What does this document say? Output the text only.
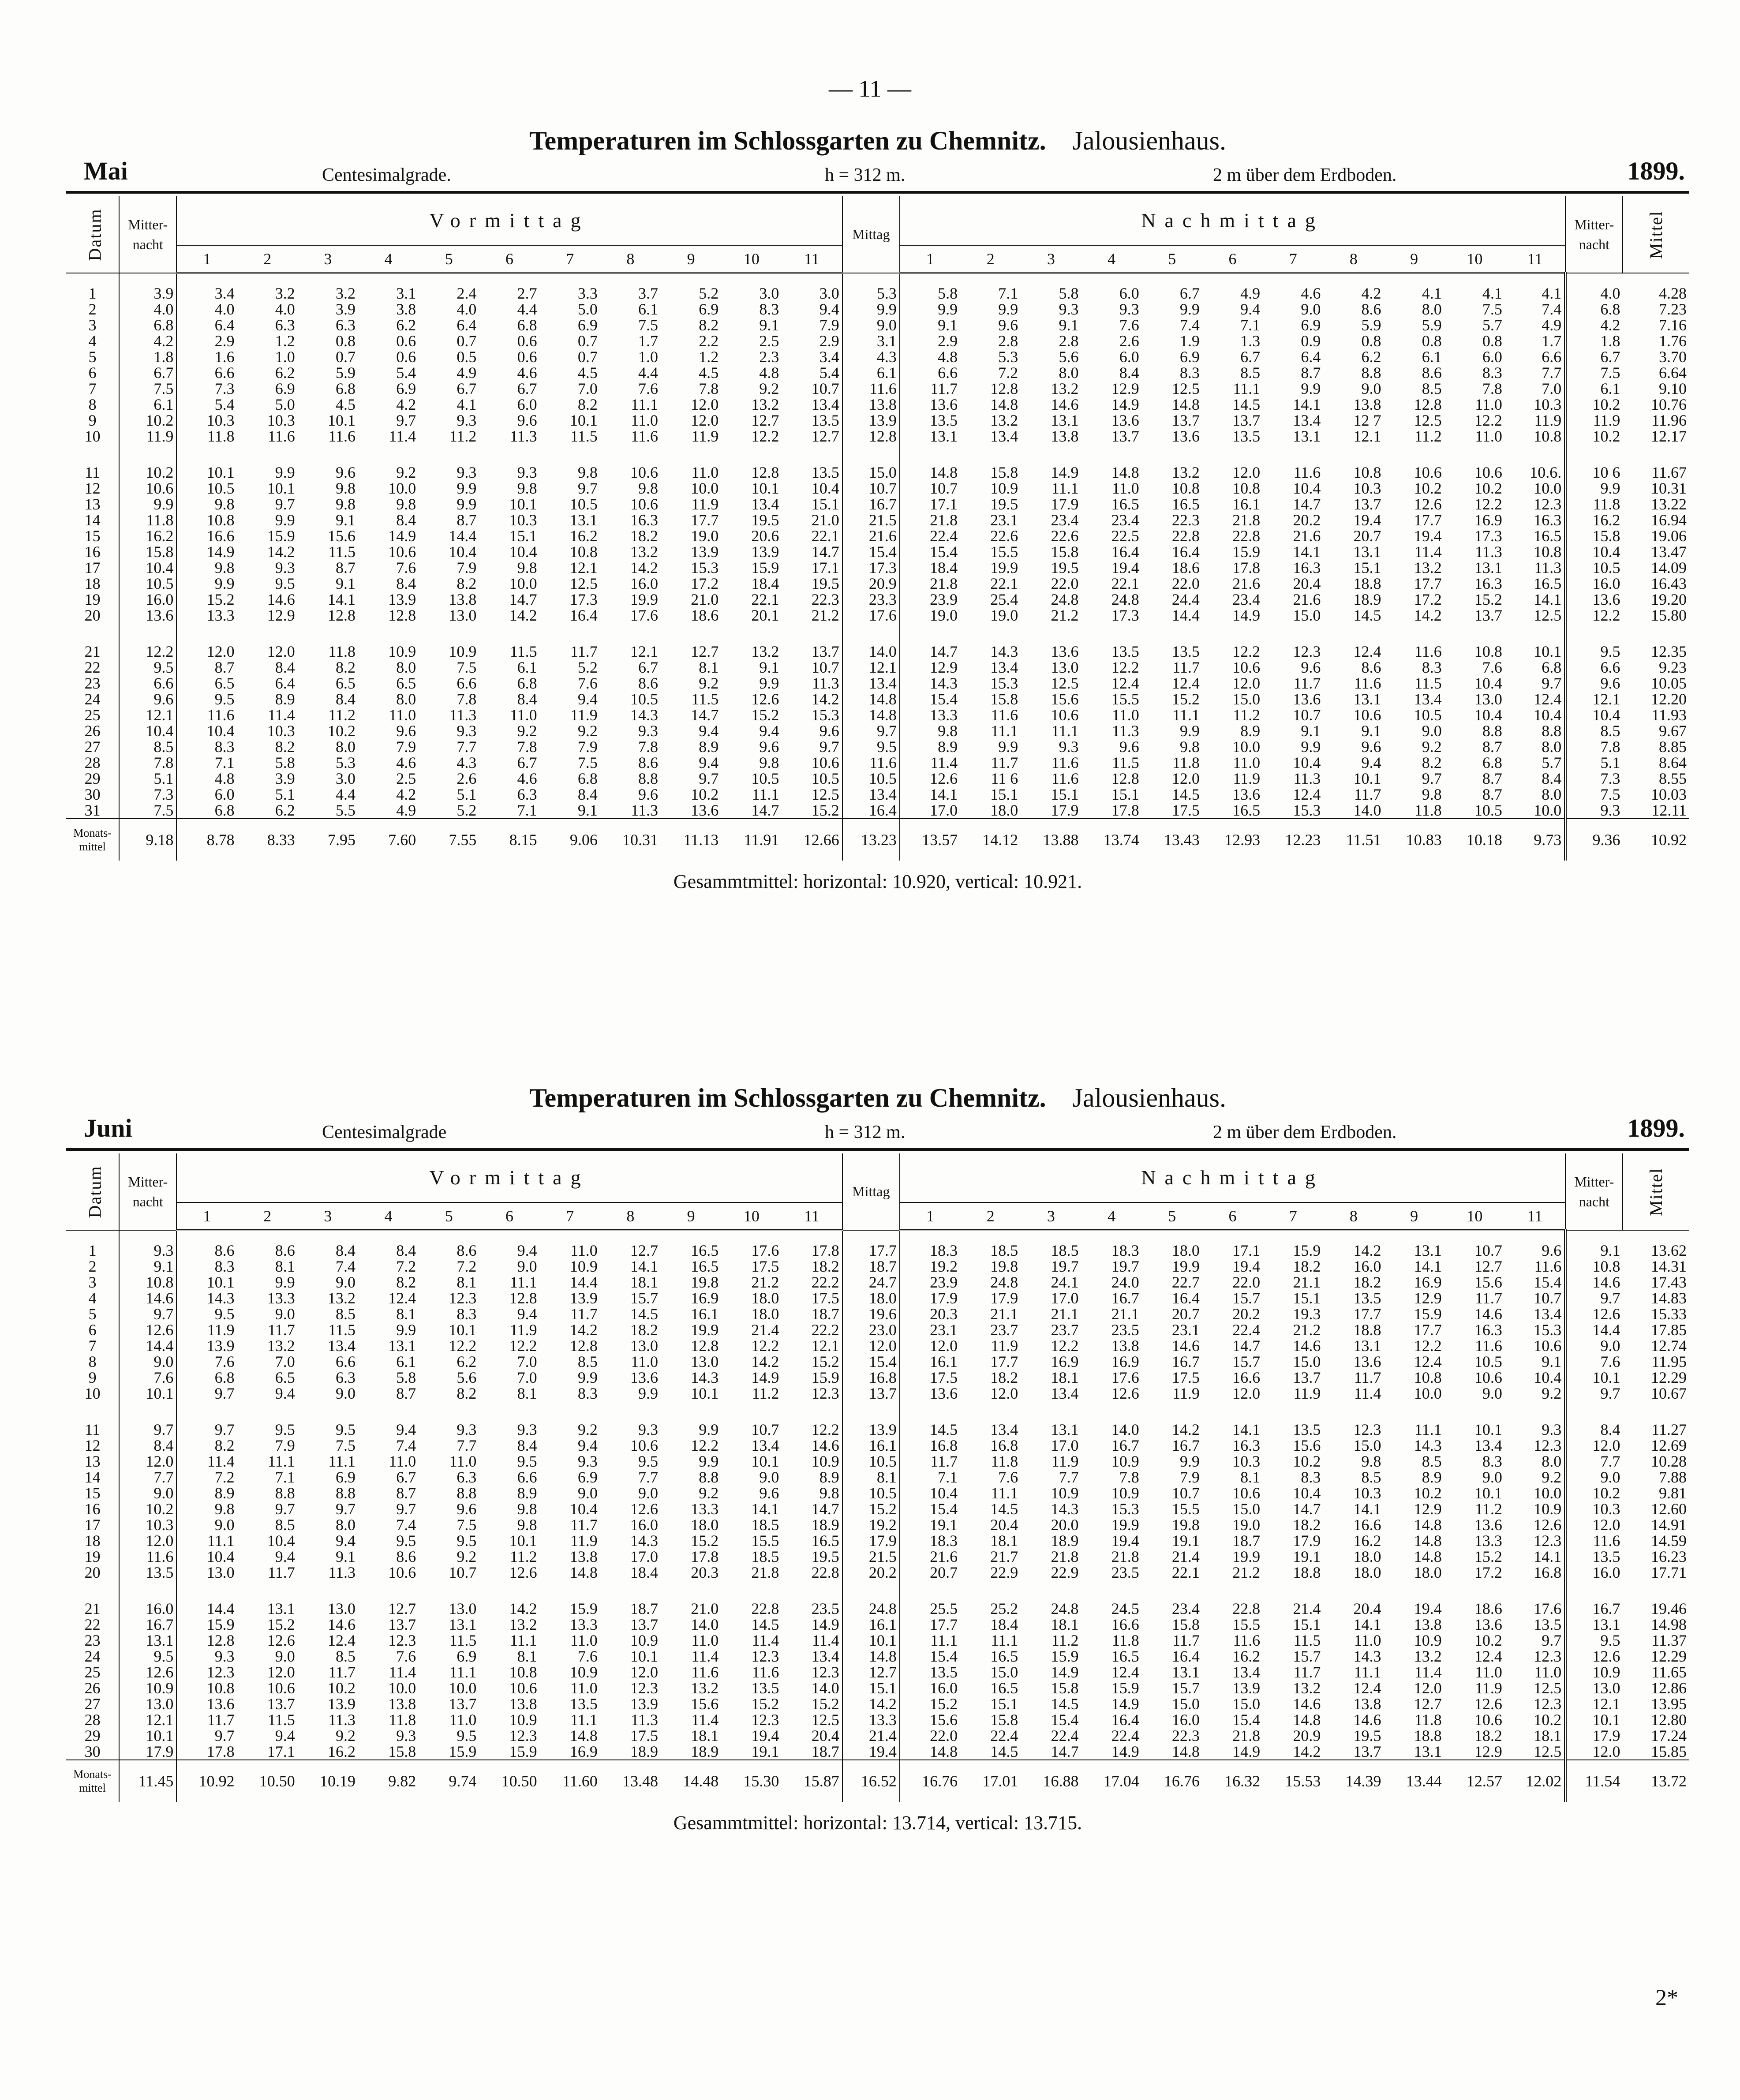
— 11 —
Temperaturen im Schlossgarten zu Chemnitz. Jalousienhaus.
Mai	Centesimalgrade.	h = 312 m.	2 m über dem Erdboden.	1899.
Datum	Mitter-nacht	Vormittag											Mittag	Nachmittag											Mitter-nacht	Mittel
		1	2	3	4	5	6	7	8	9	10	11		1	2	3	4	5	6	7	8	9	10	11		
1	3.9	3.4	3.2	3.2	3.1	2.4	2.7	3.3	3.7	5.2	3.0	3.0	5.3	5.8	7.1	5.8	6.0	6.7	4.9	4.6	4.2	4.1	4.1	4.1	4.0	4.28
2	4.0	4.0	4.0	3.9	3.8	4.0	4.4	5.0	6.1	6.9	8.3	9.4	9.9	9.9	9.9	9.3	9.3	9.9	9.4	9.0	8.6	8.0	7.5	7.4	6.8	7.23
3	6.8	6.4	6.3	6.3	6.2	6.4	6.8	6.9	7.5	8.2	9.1	7.9	9.0	9.1	9.6	9.1	7.6	7.4	7.1	6.9	5.9	5.9	5.7	4.9	4.2	7.16
4	4.2	2.9	1.2	0.8	0.6	0.7	0.6	0.7	1.7	2.2	2.5	2.9	3.1	2.9	2.8	2.8	2.6	1.9	1.3	0.9	0.8	0.8	0.8	1.7	1.8	1.76
5	1.8	1.6	1.0	0.7	0.6	0.5	0.6	0.7	1.0	1.2	2.3	3.4	4.3	4.8	5.3	5.6	6.0	6.9	6.7	6.4	6.2	6.1	6.0	6.6	6.7	3.70
6	6.7	6.6	6.2	5.9	5.4	4.9	4.6	4.5	4.4	4.5	4.8	5.4	6.1	6.6	7.2	8.0	8.4	8.3	8.5	8.7	8.8	8.6	8.3	7.7	7.5	6.64
7	7.5	7.3	6.9	6.8	6.9	6.7	6.7	7.0	7.6	7.8	9.2	10.7	11.6	11.7	12.8	13.2	12.9	12.5	11.1	9.9	9.0	8.5	7.8	7.0	6.1	9.10
8	6.1	5.4	5.0	4.5	4.2	4.1	6.0	8.2	11.1	12.0	13.2	13.4	13.8	13.6	14.8	14.6	14.9	14.8	14.5	14.1	13.8	12.8	11.0	10.3	10.2	10.76
9	10.2	10.3	10.3	10.1	9.7	9.3	9.6	10.1	11.0	12.0	12.7	13.5	13.9	13.5	13.2	13.1	13.6	13.7	13.7	13.4	12 7	12.5	12.2	11.9	11.9	11.96
10	11.9	11.8	11.6	11.6	11.4	11.2	11.3	11.5	11.6	11.9	12.2	12.7	12.8	13.1	13.4	13.8	13.7	13.6	13.5	13.1	12.1	11.2	11.0	10.8	10.2	12.17
11	10.2	10.1	9.9	9.6	9.2	9.3	9.3	9.8	10.6	11.0	12.8	13.5	15.0	14.8	15.8	14.9	14.8	13.2	12.0	11.6	10.8	10.6	10.6	10.6.	10 6	11.67
12	10.6	10.5	10.1	9.8	10.0	9.9	9.8	9.7	9.8	10.0	10.1	10.4	10.7	10.7	10.9	11.1	11.0	10.8	10.8	10.4	10.3	10.2	10.2	10.0	9.9	10.31
13	9.9	9.8	9.7	9.8	9.8	9.9	10.1	10.5	10.6	11.9	13.4	15.1	16.7	17.1	19.5	17.9	16.5	16.5	16.1	14.7	13.7	12.6	12.2	12.3	11.8	13.22
14	11.8	10.8	9.9	9.1	8.4	8.7	10.3	13.1	16.3	17.7	19.5	21.0	21.5	21.8	23.1	23.4	23.4	22.3	21.8	20.2	19.4	17.7	16.9	16.3	16.2	16.94
15	16.2	16.6	15.9	15.6	14.9	14.4	15.1	16.2	18.2	19.0	20.6	22.1	21.6	22.4	22.6	22.6	22.5	22.8	22.8	21.6	20.7	19.4	17.3	16.5	15.8	19.06
16	15.8	14.9	14.2	11.5	10.6	10.4	10.4	10.8	13.2	13.9	13.9	14.7	15.4	15.4	15.5	15.8	16.4	16.4	15.9	14.1	13.1	11.4	11.3	10.8	10.4	13.47
17	10.4	9.8	9.3	8.7	7.6	7.9	9.8	12.1	14.2	15.3	15.9	17.1	17.3	18.4	19.9	19.5	19.4	18.6	17.8	16.3	15.1	13.2	13.1	11.3	10.5	14.09
18	10.5	9.9	9.5	9.1	8.4	8.2	10.0	12.5	16.0	17.2	18.4	19.5	20.9	21.8	22.1	22.0	22.1	22.0	21.6	20.4	18.8	17.7	16.3	16.5	16.0	16.43
19	16.0	15.2	14.6	14.1	13.9	13.8	14.7	17.3	19.9	21.0	22.1	22.3	23.3	23.9	25.4	24.8	24.8	24.4	23.4	21.6	18.9	17.2	15.2	14.1	13.6	19.20
20	13.6	13.3	12.9	12.8	12.8	13.0	14.2	16.4	17.6	18.6	20.1	21.2	17.6	19.0	19.0	21.2	17.3	14.4	14.9	15.0	14.5	14.2	13.7	12.5	12.2	15.80
21	12.2	12.0	12.0	11.8	10.9	10.9	11.5	11.7	12.1	12.7	13.2	13.7	14.0	14.7	14.3	13.6	13.5	13.5	12.2	12.3	12.4	11.6	10.8	10.1	9.5	12.35
22	9.5	8.7	8.4	8.2	8.0	7.5	6.1	5.2	6.7	8.1	9.1	10.7	12.1	12.9	13.4	13.0	12.2	11.7	10.6	9.6	8.6	8.3	7.6	6.8	6.6	9.23
23	6.6	6.5	6.4	6.5	6.5	6.6	6.8	7.6	8.6	9.2	9.9	11.3	13.4	14.3	15.3	12.5	12.4	12.4	12.0	11.7	11.6	11.5	10.4	9.7	9.6	10.05
24	9.6	9.5	8.9	8.4	8.0	7.8	8.4	9.4	10.5	11.5	12.6	14.2	14.8	15.4	15.8	15.6	15.5	15.2	15.0	13.6	13.1	13.4	13.0	12.4	12.1	12.20
25	12.1	11.6	11.4	11.2	11.0	11.3	11.0	11.9	14.3	14.7	15.2	15.3	14.8	13.3	11.6	10.6	11.0	11.1	11.2	10.7	10.6	10.5	10.4	10.4	10.4	11.93
26	10.4	10.4	10.3	10.2	9.6	9.3	9.2	9.2	9.3	9.4	9.4	9.6	9.7	9.8	11.1	11.1	11.3	9.9	8.9	9.1	9.1	9.0	8.8	8.8	8.5	9.67
27	8.5	8.3	8.2	8.0	7.9	7.7	7.8	7.9	7.8	8.9	9.6	9.7	9.5	8.9	9.9	9.3	9.6	9.8	10.0	9.9	9.6	9.2	8.7	8.0	7.8	8.85
28	7.8	7.1	5.8	5.3	4.6	4.3	6.7	7.5	8.6	9.4	9.8	10.6	11.6	11.4	11.7	11.6	11.5	11.8	11.0	10.4	9.4	8.2	6.8	5.7	5.1	8.64
29	5.1	4.8	3.9	3.0	2.5	2.6	4.6	6.8	8.8	9.7	10.5	10.5	10.5	12.6	11 6	11.6	12.8	12.0	11.9	11.3	10.1	9.7	8.7	8.4	7.3	8.55
30	7.3	6.0	5.1	4.4	4.2	5.1	6.3	8.4	9.6	10.2	11.1	12.5	13.4	14.1	15.1	15.1	15.1	14.5	13.6	12.4	11.7	9.8	8.7	8.0	7.5	10.03
31	7.5	6.8	6.2	5.5	4.9	5.2	7.1	9.1	11.3	13.6	14.7	15.2	16.4	17.0	18.0	17.9	17.8	17.5	16.5	15.3	14.0	11.8	10.5	10.0	9.3	12.11
Monats-mittel	9.18	8.78	8.33	7.95	7.60	7.55	8.15	9.06	10.31	11.13	11.91	12.66	13.23	13.57	14.12	13.88	13.74	13.43	12.93	12.23	11.51	10.83	10.18	9.73	9.36	10.92
Gesammtmittel: horizontal: 10.920, vertical: 10.921.
Temperaturen im Schlossgarten zu Chemnitz. Jalousienhaus.
Juni	Centesimalgrade	h = 312 m.	2 m über dem Erdboden.	1899.
Datum	Mitter-nacht	Vormittag											Mittag	Nachmittag											Mitter-nacht	Mittel
		1	2	3	4	5	6	7	8	9	10	11		1	2	3	4	5	6	7	8	9	10	11		
1	9.3	8.6	8.6	8.4	8.4	8.6	9.4	11.0	12.7	16.5	17.6	17.8	17.7	18.3	18.5	18.5	18.3	18.0	17.1	15.9	14.2	13.1	10.7	9.6	9.1	13.62
2	9.1	8.3	8.1	7.4	7.2	7.2	9.0	10.9	14.1	16.5	17.5	18.2	18.7	19.2	19.8	19.7	19.7	19.9	19.4	18.2	16.0	14.1	12.7	11.6	10.8	14.31
3	10.8	10.1	9.9	9.0	8.2	8.1	11.1	14.4	18.1	19.8	21.2	22.2	24.7	23.9	24.8	24.1	24.0	22.7	22.0	21.1	18.2	16.9	15.6	15.4	14.6	17.43
4	14.6	14.3	13.3	13.2	12.4	12.3	12.8	13.9	15.7	16.9	18.0	17.5	18.0	17.9	17.9	17.0	16.7	16.4	15.7	15.1	13.5	12.9	11.7	10.7	9.7	14.83
5	9.7	9.5	9.0	8.5	8.1	8.3	9.4	11.7	14.5	16.1	18.0	18.7	19.6	20.3	21.1	21.1	21.1	20.7	20.2	19.3	17.7	15.9	14.6	13.4	12.6	15.33
6	12.6	11.9	11.7	11.5	9.9	10.1	11.9	14.2	18.2	19.9	21.4	22.2	23.0	23.1	23.7	23.7	23.5	23.1	22.4	21.2	18.8	17.7	16.3	15.3	14.4	17.85
7	14.4	13.9	13.2	13.4	13.1	12.2	12.2	12.8	13.0	12.8	12.2	12.1	12.0	12.0	11.9	12.2	13.8	14.6	14.7	14.6	13.1	12.2	11.6	10.6	9.0	12.74
8	9.0	7.6	7.0	6.6	6.1	6.2	7.0	8.5	11.0	13.0	14.2	15.2	15.4	16.1	17.7	16.9	16.9	16.7	15.7	15.0	13.6	12.4	10.5	9.1	7.6	11.95
9	7.6	6.8	6.5	6.3	5.8	5.6	7.0	9.9	13.6	14.3	14.9	15.9	16.8	17.5	18.2	18.1	17.6	17.5	16.6	13.7	11.7	10.8	10.6	10.4	10.1	12.29
10	10.1	9.7	9.4	9.0	8.7	8.2	8.1	8.3	9.9	10.1	11.2	12.3	13.7	13.6	12.0	13.4	12.6	11.9	12.0	11.9	11.4	10.0	9.0	9.2	9.7	10.67
11	9.7	9.7	9.5	9.5	9.4	9.3	9.3	9.2	9.3	9.9	10.7	12.2	13.9	14.5	13.4	13.1	14.0	14.2	14.1	13.5	12.3	11.1	10.1	9.3	8.4	11.27
12	8.4	8.2	7.9	7.5	7.4	7.7	8.4	9.4	10.6	12.2	13.4	14.6	16.1	16.8	16.8	17.0	16.7	16.7	16.3	15.6	15.0	14.3	13.4	12.3	12.0	12.69
13	12.0	11.4	11.1	11.1	11.0	11.0	9.5	9.3	9.5	9.9	10.1	10.9	10.5	11.7	11.8	11.9	10.9	9.9	10.3	10.2	9.8	8.5	8.3	8.0	7.7	10.28
14	7.7	7.2	7.1	6.9	6.7	6.3	6.6	6.9	7.7	8.8	9.0	8.9	8.1	7.1	7.6	7.7	7.8	7.9	8.1	8.3	8.5	8.9	9.0	9.2	9.0	7.88
15	9.0	8.9	8.8	8.8	8.7	8.8	8.9	9.0	9.0	9.2	9.6	9.8	10.5	10.4	11.1	10.9	10.9	10.7	10.6	10.4	10.3	10.2	10.1	10.0	10.2	9.81
16	10.2	9.8	9.7	9.7	9.7	9.6	9.8	10.4	12.6	13.3	14.1	14.7	15.2	15.4	14.5	14.3	15.3	15.5	15.0	14.7	14.1	12.9	11.2	10.9	10.3	12.60
17	10.3	9.0	8.5	8.0	7.4	7.5	9.8	11.7	16.0	18.0	18.5	18.9	19.2	19.1	20.4	20.0	19.9	19.8	19.0	18.2	16.6	14.8	13.6	12.6	12.0	14.91
18	12.0	11.1	10.4	9.4	9.5	9.5	10.1	11.9	14.3	15.2	15.5	16.5	17.9	18.3	18.1	18.9	19.4	19.1	18.7	17.9	16.2	14.8	13.3	12.3	11.6	14.59
19	11.6	10.4	9.4	9.1	8.6	9.2	11.2	13.8	17.0	17.8	18.5	19.5	21.5	21.6	21.7	21.8	21.8	21.4	19.9	19.1	18.0	14.8	15.2	14.1	13.5	16.23
20	13.5	13.0	11.7	11.3	10.6	10.7	12.6	14.8	18.4	20.3	21.8	22.8	20.2	20.7	22.9	22.9	23.5	22.1	21.2	18.8	18.0	18.0	17.2	16.8	16.0	17.71
21	16.0	14.4	13.1	13.0	12.7	13.0	14.2	15.9	18.7	21.0	22.8	23.5	24.8	25.5	25.2	24.8	24.5	23.4	22.8	21.4	20.4	19.4	18.6	17.6	16.7	19.46
22	16.7	15.9	15.2	14.6	13.7	13.1	13.2	13.3	13.7	14.0	14.5	14.9	16.1	17.7	18.4	18.1	16.6	15.8	15.5	15.1	14.1	13.8	13.6	13.5	13.1	14.98
23	13.1	12.8	12.6	12.4	12.3	11.5	11.1	11.0	10.9	11.0	11.4	11.4	10.1	11.1	11.1	11.2	11.8	11.7	11.6	11.5	11.0	10.9	10.2	9.7	9.5	11.37
24	9.5	9.3	9.0	8.5	7.6	6.9	8.1	7.6	10.1	11.4	12.3	13.4	14.8	15.4	16.5	15.9	16.5	16.4	16.2	15.7	14.3	13.2	12.4	12.3	12.6	12.29
25	12.6	12.3	12.0	11.7	11.4	11.1	10.8	10.9	12.0	11.6	11.6	12.3	12.7	13.5	15.0	14.9	12.4	13.1	13.4	11.7	11.1	11.4	11.0	11.0	10.9	11.65
26	10.9	10.8	10.6	10.2	10.0	10.0	10.6	11.0	12.3	13.2	13.5	14.0	15.1	16.0	16.5	15.8	15.9	15.7	13.9	13.2	12.4	12.0	11.9	12.5	13.0	12.86
27	13.0	13.6	13.7	13.9	13.8	13.7	13.8	13.5	13.9	15.6	15.2	15.2	14.2	15.2	15.1	14.5	14.9	15.0	15.0	14.6	13.8	12.7	12.6	12.3	12.1	13.95
28	12.1	11.7	11.5	11.3	11.8	11.0	10.9	11.1	11.3	11.4	12.3	12.5	13.3	15.6	15.8	15.4	16.4	16.0	15.4	14.8	14.6	11.8	10.6	10.2	10.1	12.80
29	10.1	9.7	9.4	9.2	9.3	9.5	12.3	14.8	17.5	18.1	19.4	20.4	21.4	22.0	22.4	22.4	22.4	22.3	21.8	20.9	19.5	18.8	18.2	18.1	17.9	17.24
30	17.9	17.8	17.1	16.2	15.8	15.9	15.9	16.9	18.9	18.9	19.1	18.7	19.4	14.8	14.5	14.7	14.9	14.8	14.9	14.2	13.7	13.1	12.9	12.5	12.0	15.85
Monats-mittel	11.45	10.92	10.50	10.19	9.82	9.74	10.50	11.60	13.48	14.48	15.30	15.87	16.52	16.76	17.01	16.88	17.04	16.76	16.32	15.53	14.39	13.44	12.57	12.02	11.54	13.72
Gesammtmittel: horizontal: 13.714, vertical: 13.715.
2*
